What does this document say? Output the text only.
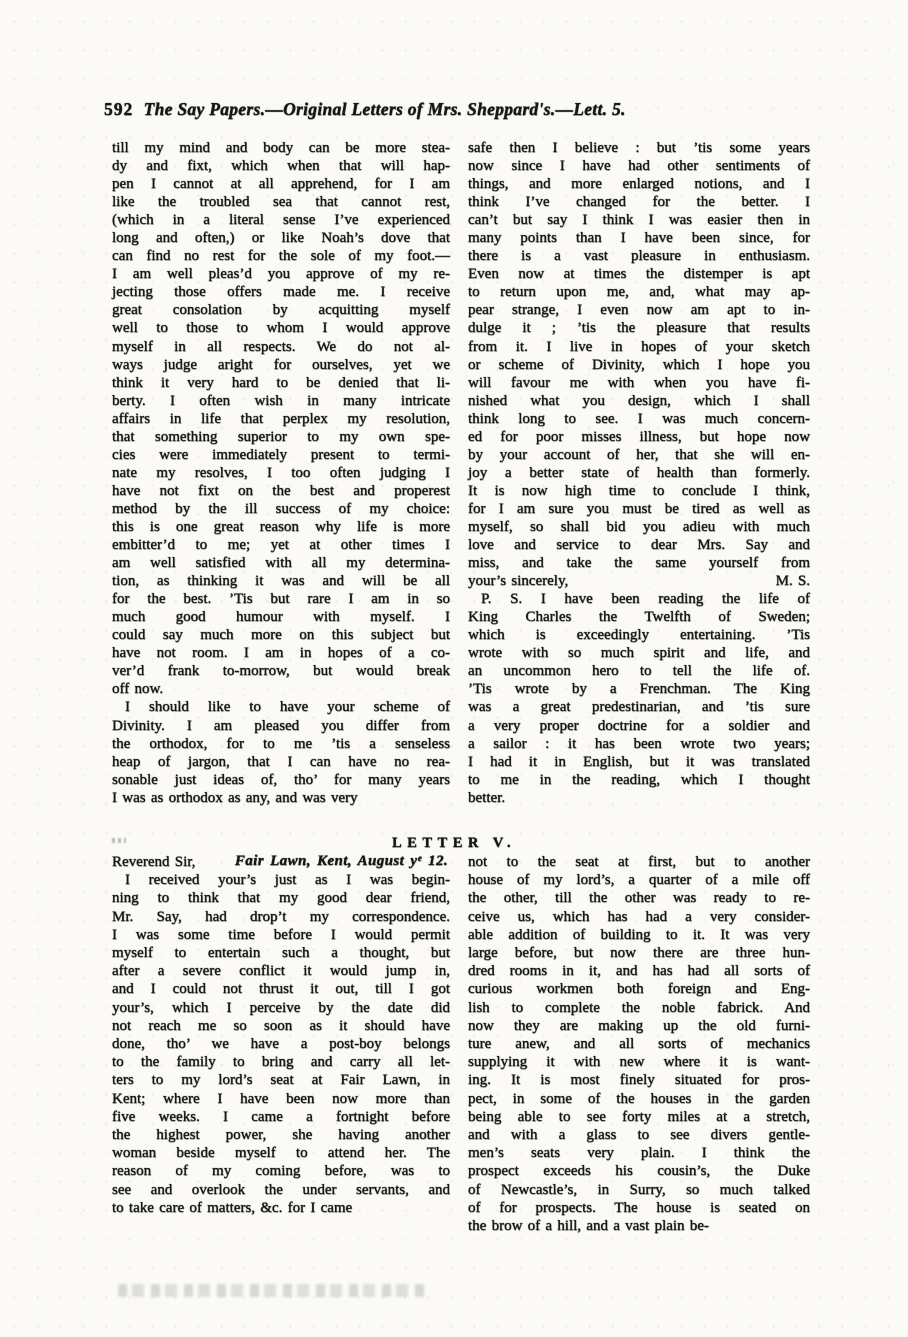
592 The Say Papers.—Original Letters of Mrs. Sheppard's.—Lett. 5.
till my mind and body can be more stea-
dy and fixt, which when that will hap-
pen I cannot at all apprehend, for I am
like the troubled sea that cannot rest,
(which in a literal sense I’ve experienced
long and often,) or like Noah’s dove that
can find no rest for the sole of my foot.—
I am well pleas’d you approve of my re-
jecting those offers made me. I receive
great consolation by acquitting myself
well to those to whom I would approve
myself in all respects. We do not al-
ways judge aright for ourselves, yet we
think it very hard to be denied that li-
berty. I often wish in many intricate
affairs in life that perplex my resolution,
that something superior to my own spe-
cies were immediately present to termi-
nate my resolves, I too often judging I
have not fixt on the best and properest
method by the ill success of my choice:
this is one great reason why life is more
embitter’d to me; yet at other times I
am well satisfied with all my determina-
tion, as thinking it was and will be all
for the best. ’Tis but rare I am in so
much good humour with myself. I
could say much more on this subject but
have not room. I am in hopes of a co-
ver’d frank to-morrow, but would break
off now.
I should like to have your scheme of
Divinity. I am pleased you differ from
the orthodox, for to me ’tis a senseless
heap of jargon, that I can have no rea-
sonable just ideas of, tho’ for many years
I was as orthodox as any, and was very
safe then I believe : but ’tis some years
now since I have had other sentiments of
things, and more enlarged notions, and I
think I’ve changed for the better. I
can’t but say I think I was easier then in
many points than I have been since, for
there is a vast pleasure in enthusiasm.
Even now at times the distemper is apt
to return upon me, and, what may ap-
pear strange, I even now am apt to in-
dulge it ; ’tis the pleasure that results
from it. I live in hopes of your sketch
or scheme of Divinity, which I hope you
will favour me with when you have fi-
nished what you design, which I shall
think long to see. I was much concern-
ed for poor misses illness, but hope now
by your account of her, that she will en-
joy a better state of health than formerly.
It is now high time to conclude I think,
for I am sure you must be tired as well as
myself, so shall bid you adieu with much
love and service to dear Mrs. Say and
miss, and take the same yourself from
your’s sincerely,	M. S.
P. S. I have been reading the life of
King Charles the Twelfth of Sweden;
which is exceedingly entertaining. ’Tis
wrote with so much spirit and life, and
an uncommon hero to tell the life of.
’Tis wrote by a Frenchman. The King
was a great predestinarian, and ’tis sure
a very proper doctrine for a soldier and
a sailor : it has been wrote two years;
I had it in English, but it was translated
to me in the reading, which I thought
better.
LETTER V.
Fair Lawn, Kent, August yᵉ 12.
Reverend Sir,
I received your’s just as I was begin-
ning to think that my good dear friend,
Mr. Say, had drop’t my correspondence.
I was some time before I would permit
myself to entertain such a thought, but
after a severe conflict it would jump in,
and I could not thrust it out, till I got
your’s, which I perceive by the date did
not reach me so soon as it should have
done, tho’ we have a post-boy belongs
to the family to bring and carry all let-
ters to my lord’s seat at Fair Lawn, in
Kent; where I have been now more than
five weeks. I came a fortnight before
the highest power, she having another
woman beside myself to attend her. The
reason of my coming before, was to
see and overlook the under servants, and
to take care of matters, &c. for I came
not to the seat at first, but to another
house of my lord’s, a quarter of a mile off
the other, till the other was ready to re-
ceive us, which has had a very consider-
able addition of building to it. It was very
large before, but now there are three hun-
dred rooms in it, and has had all sorts of
curious workmen both foreign and Eng-
lish to complete the noble fabrick. And
now they are making up the old furni-
ture anew, and all sorts of mechanics
supplying it with new where it is want-
ing. It is most finely situated for pros-
pect, in some of the houses in the garden
being able to see forty miles at a stretch,
and with a glass to see divers gentle-
men’s seats very plain. I think the
prospect exceeds his cousin’s, the Duke
of Newcastle’s, in Surry, so much talked
of for prospects. The house is seated on
the brow of a hill, and a vast plain be-
